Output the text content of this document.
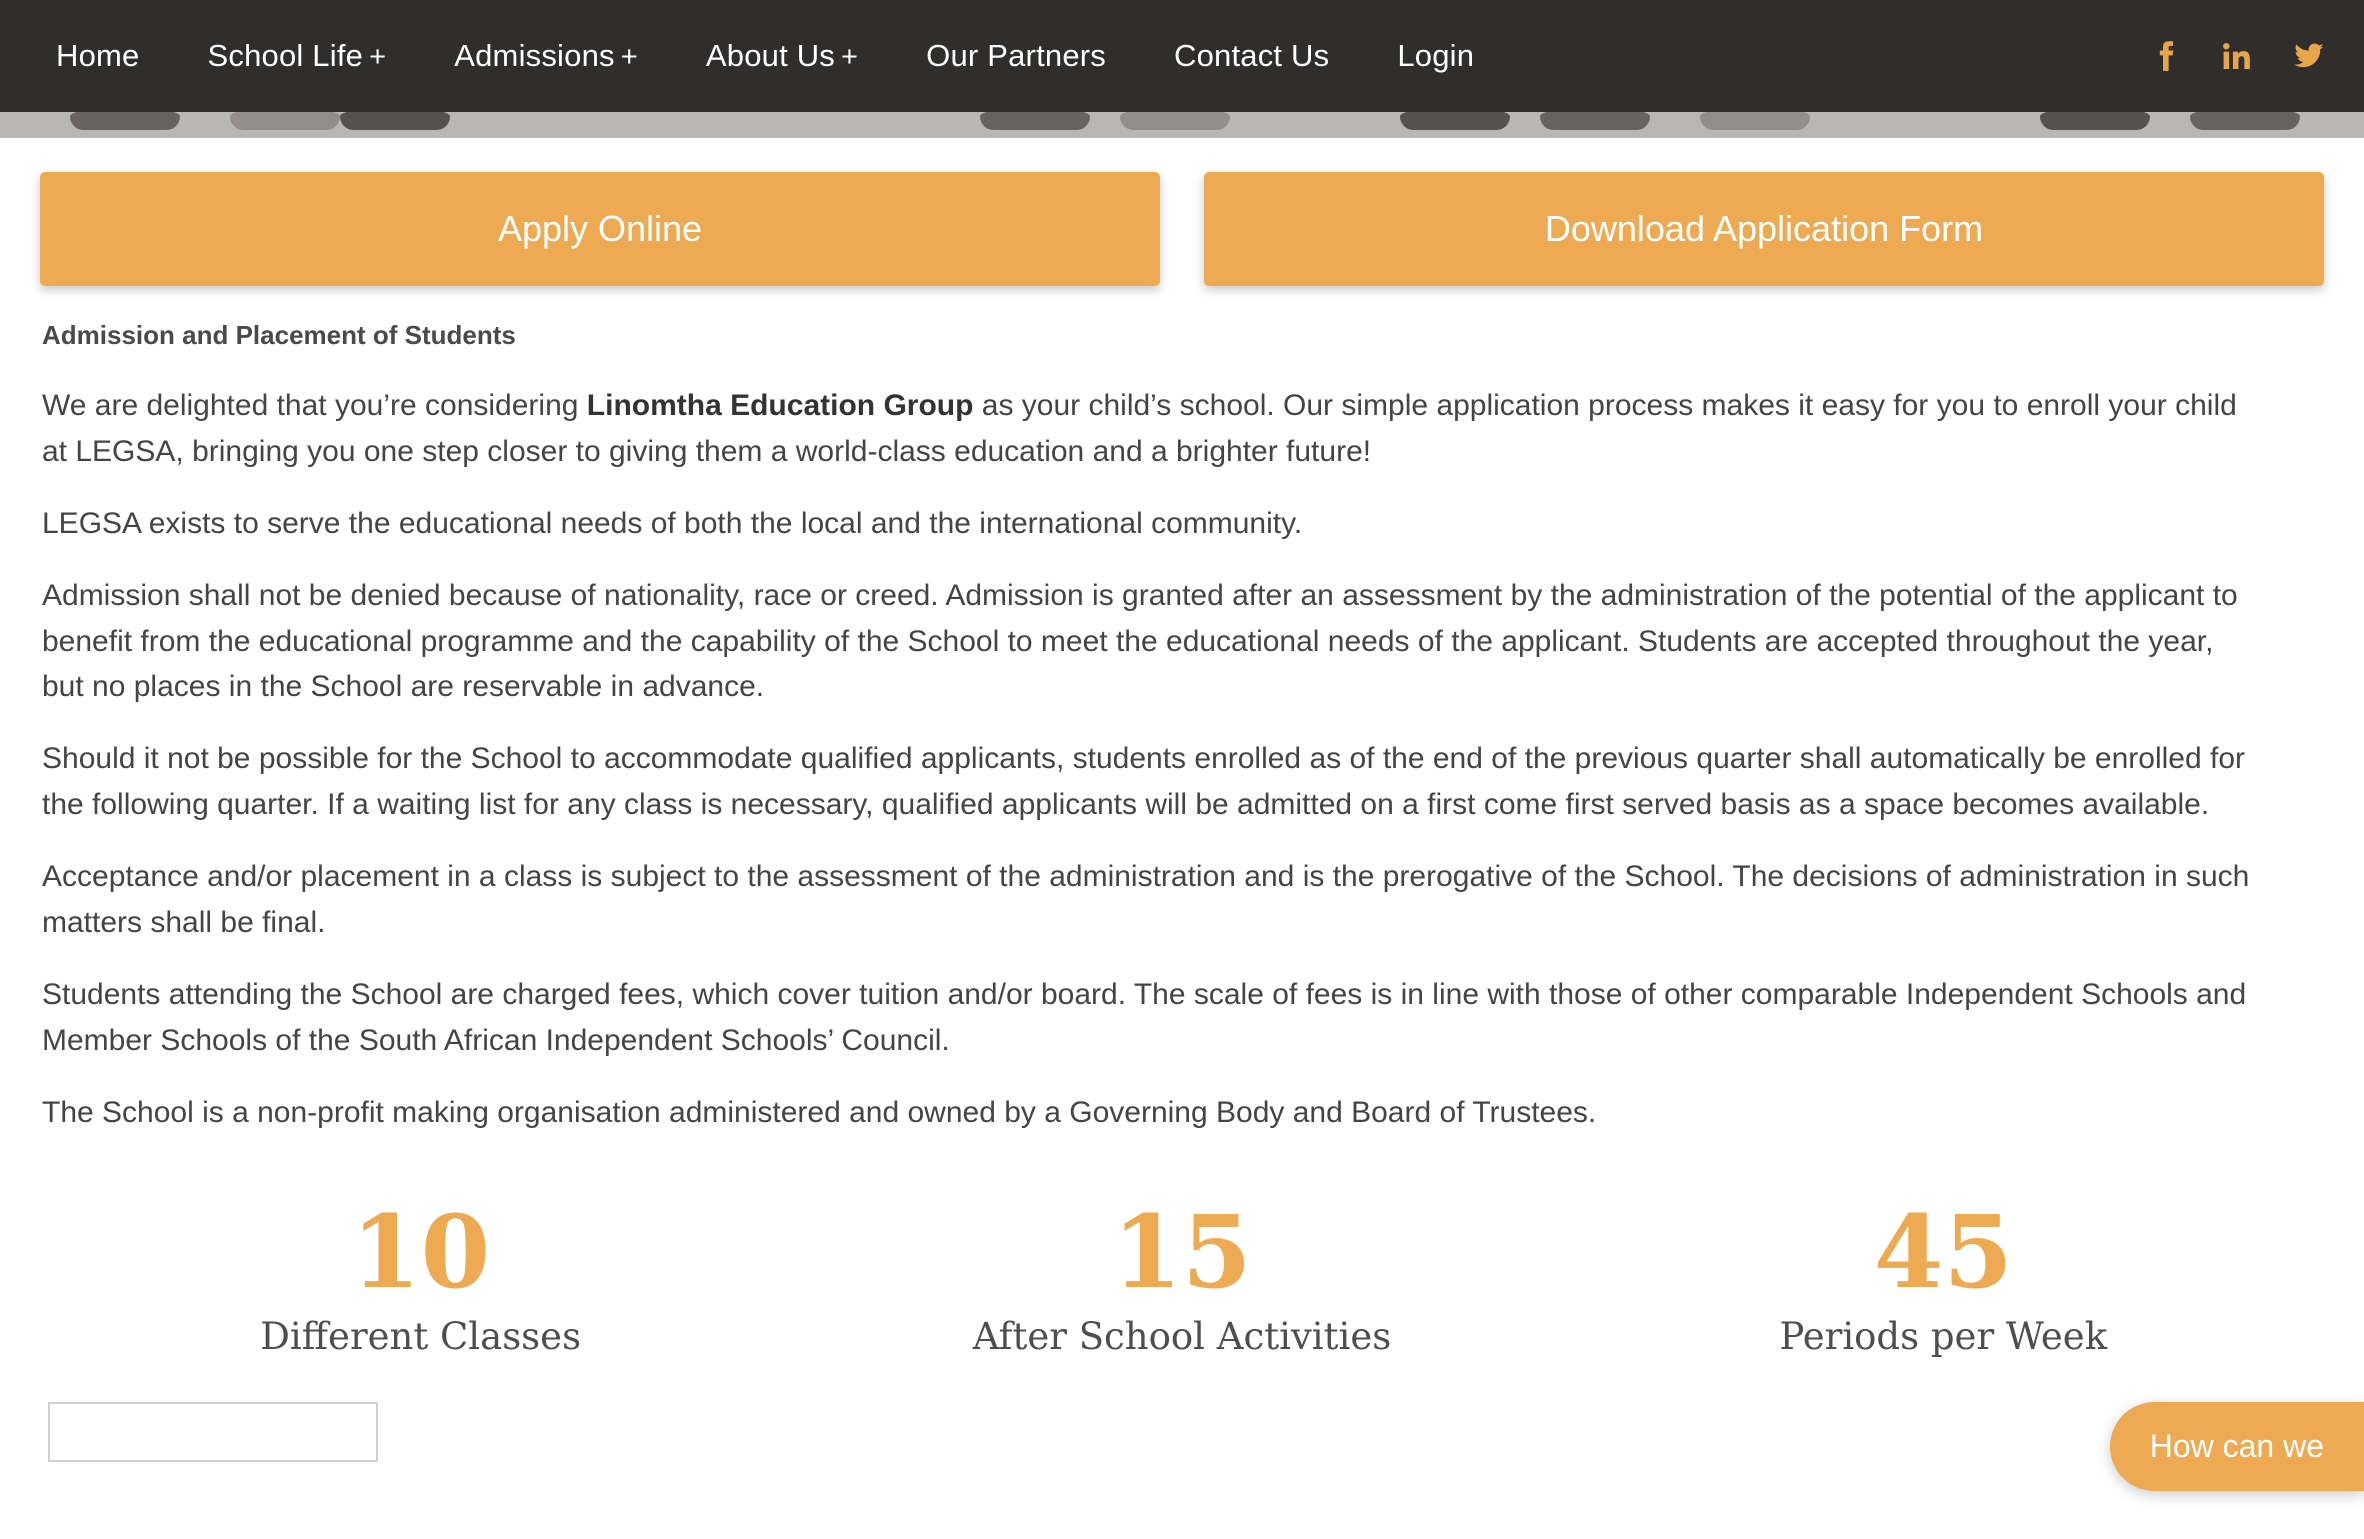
Home	School Life +	Admissions +	About Us +	Our Partners	Contact Us	Login
Apply Online	Download Application Form
Admission and Placement of Students

We are delighted that you’re considering Linomtha Education Group as your child’s school. Our simple application process makes it easy for you to enroll your child at LEGSA, bringing you one step closer to giving them a world-class education and a brighter future!

LEGSA exists to serve the educational needs of both the local and the international community.

Admission shall not be denied because of nationality, race or creed. Admission is granted after an assessment by the administration of the potential of the applicant to benefit from the educational programme and the capability of the School to meet the educational needs of the applicant. Students are accepted throughout the year, but no places in the School are reservable in advance.

Should it not be possible for the School to accommodate qualified applicants, students enrolled as of the end of the previous quarter shall automatically be enrolled for the following quarter. If a waiting list for any class is necessary, qualified applicants will be admitted on a first come first served basis as a space becomes available.

Acceptance and/or placement in a class is subject to the assessment of the administration and is the prerogative of the School. The decisions of administration in such matters shall be final.

Students attending the School are charged fees, which cover tuition and/or board. The scale of fees is in line with those of other comparable Independent Schools and Member Schools of the South African Independent Schools’ Council.

The School is a non-profit making organisation administered and owned by a Governing Body and Board of Trustees.

10
Different Classes
15
After School Activities
45
Periods per Week
How can we
